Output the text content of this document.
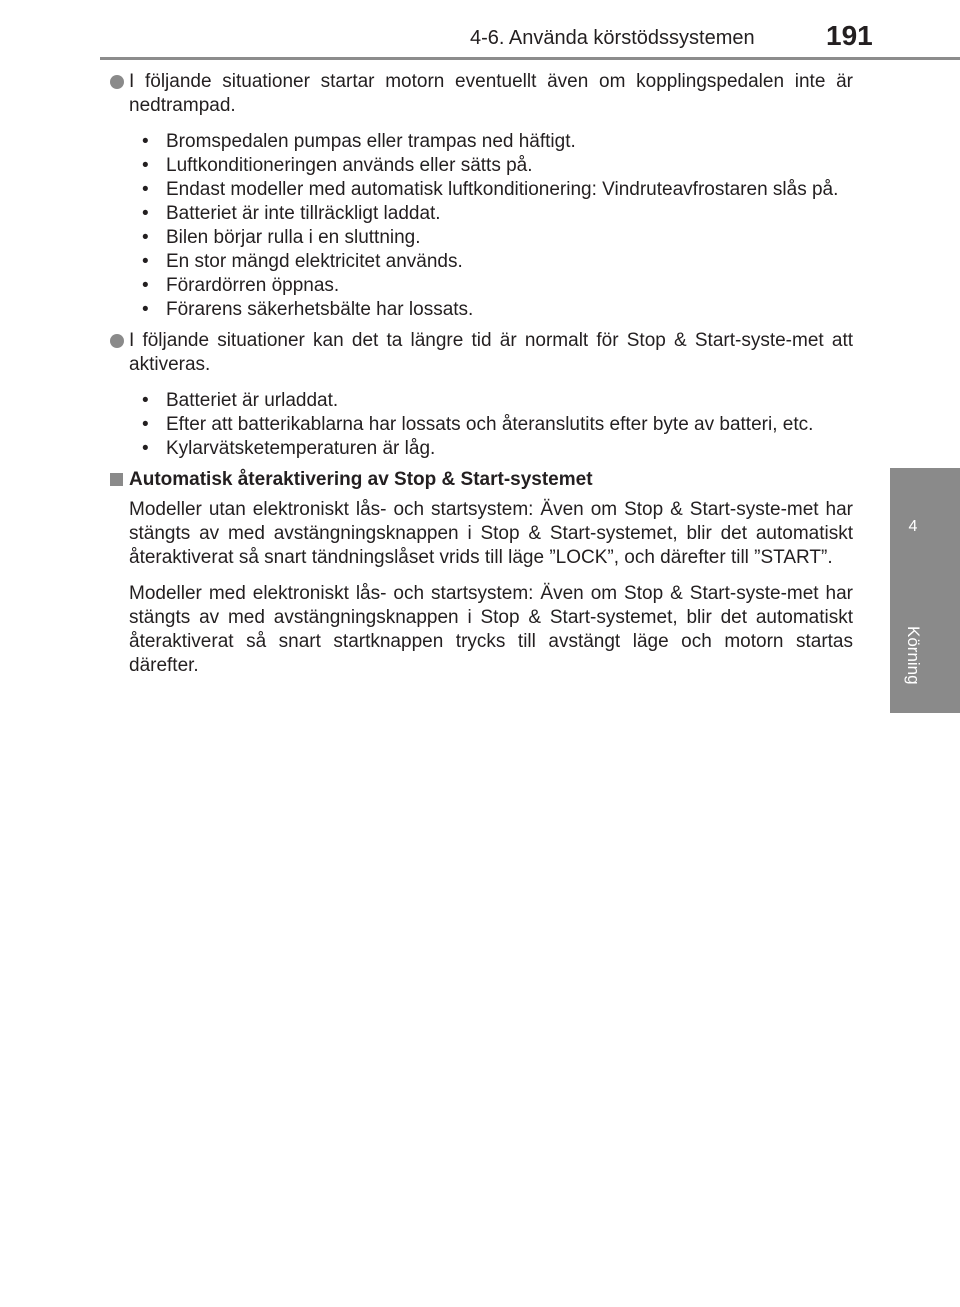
4-6. Använda körstödssystemen	191
4
Körning
I följande situationer startar motorn eventuellt även om kopplingspedalen inte är nedtrampad.
• Bromspedalen pumpas eller trampas ned häftigt.
• Luftkonditioneringen används eller sätts på.
• Endast modeller med automatisk luftkonditionering: Vindruteavfrostaren slås på.
• Batteriet är inte tillräckligt laddat.
• Bilen börjar rulla i en sluttning.
• En stor mängd elektricitet används.
• Förardörren öppnas.
• Förarens säkerhetsbälte har lossats.
I följande situationer kan det ta längre tid är normalt för Stop & Start-syste-met att aktiveras.
• Batteriet är urladdat.
• Efter att batterikablarna har lossats och återanslutits efter byte av batteri, etc.
• Kylarvätsketemperaturen är låg.
Automatisk återaktivering av Stop & Start-systemet
Modeller utan elektroniskt lås- och startsystem: Även om Stop & Start-syste-met har stängts av med avstängningsknappen i Stop & Start-systemet, blir det automatiskt återaktiverat så snart tändningslåset vrids till läge ”LOCK”, och därefter till ”START”.
Modeller med elektroniskt lås- och startsystem: Även om Stop & Start-syste-met har stängts av med avstängningsknappen i Stop & Start-systemet, blir det automatiskt återaktiverat så snart startknappen trycks till avstängt läge och motorn startas därefter.
